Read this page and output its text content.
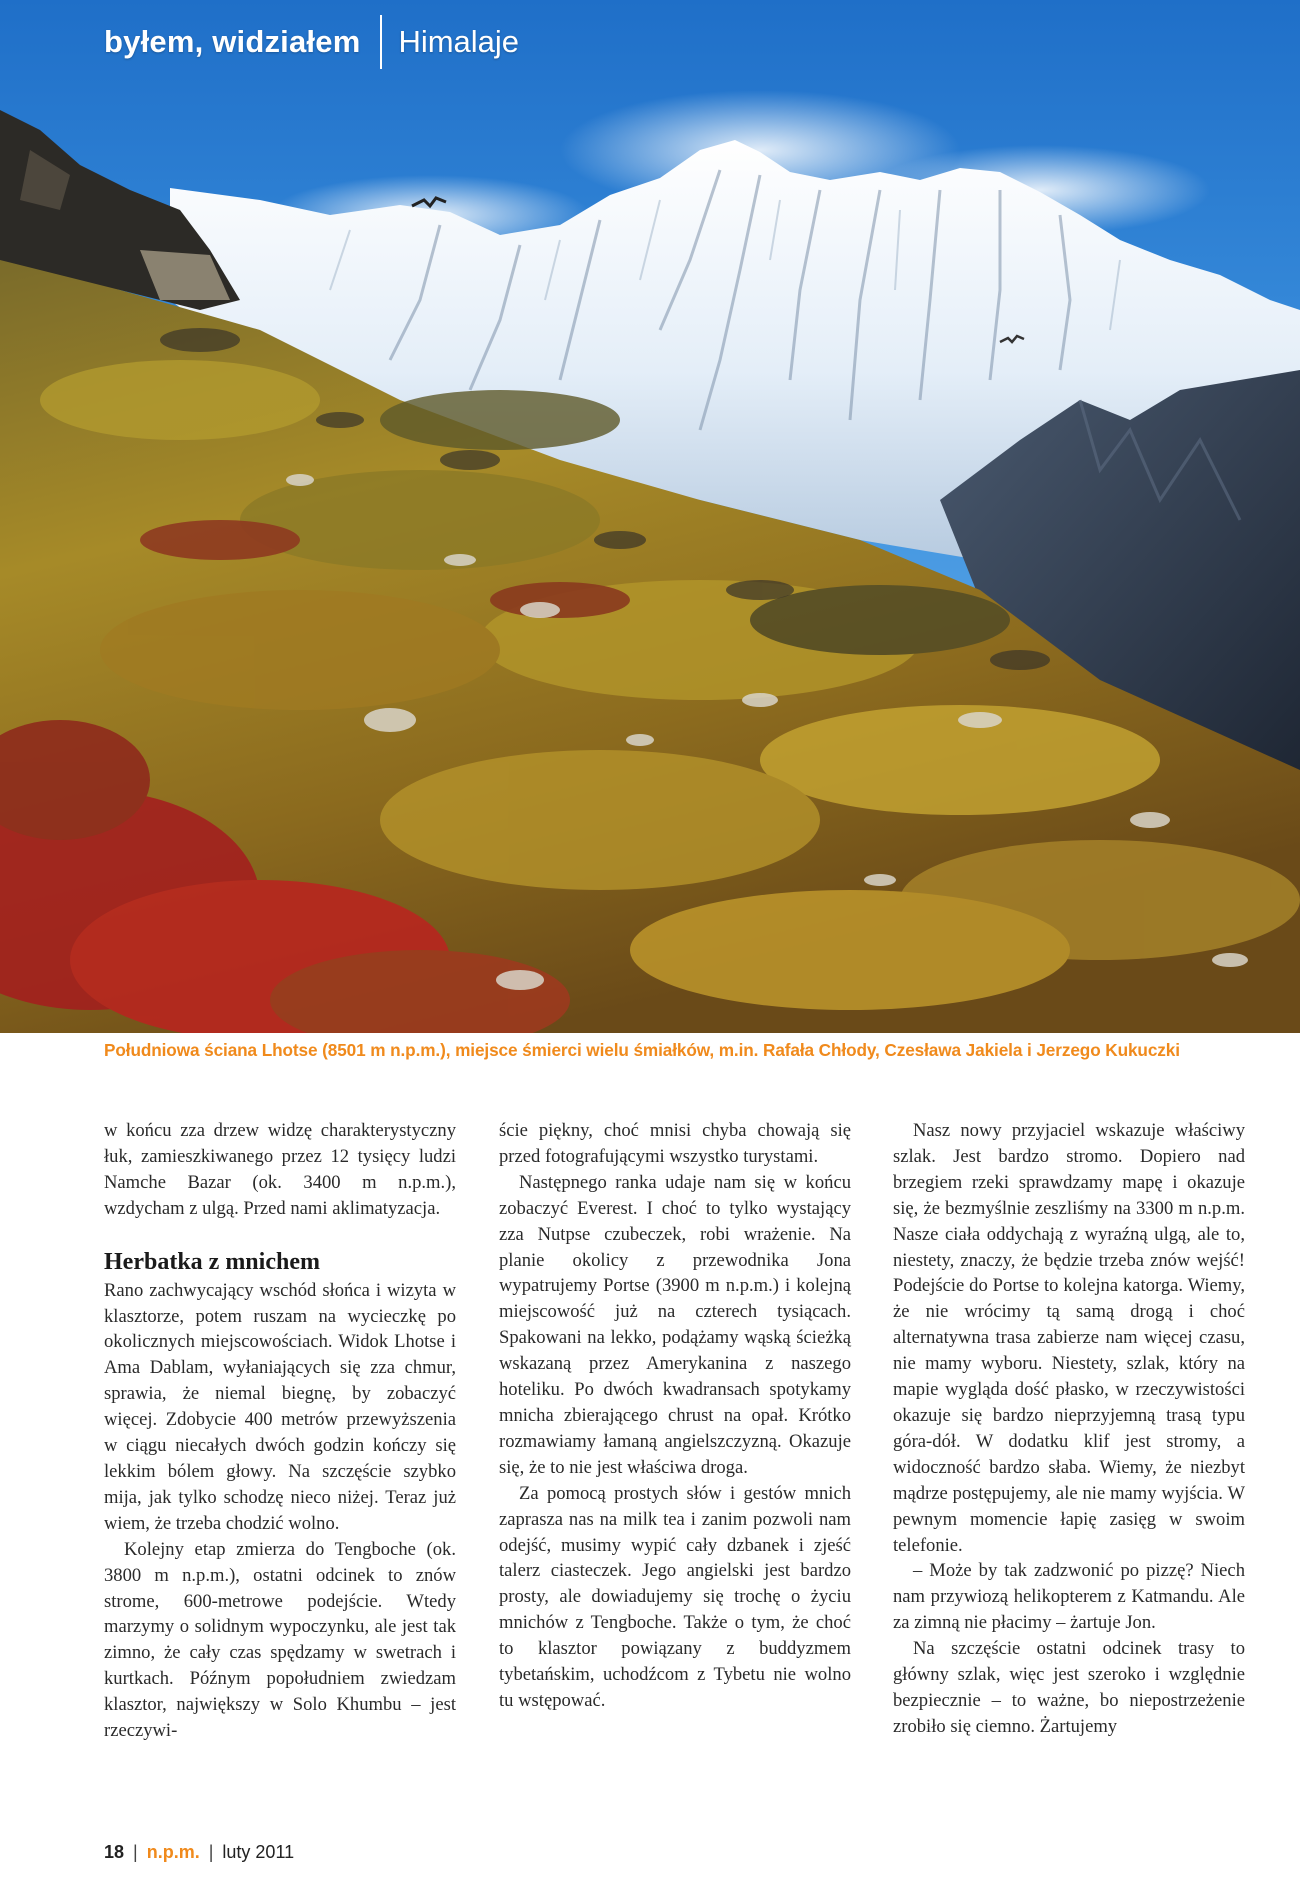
byłem, widziałem Himalaje
Południowa ściana Lhotse (8501 m n.p.m.), miejsce śmierci wielu śmiałków, m.in. Rafała Chłody, Czesława Jakiela i Jerzego Kukuczki

w końcu zza drzew widzę charakterystyczny łuk, zamieszkiwanego przez 12 tysięcy ludzi Namche Bazar (ok. 3400 m n.p.m.), wzdycham z ulgą. Przed nami aklimatyzacja.

Herbatka z mnichem

Rano zachwycający wschód słońca i wizyta w klasztorze, potem ruszam na wycieczkę po okolicznych miejscowościach. Widok Lhotse i Ama Dablam, wyłaniających się zza chmur, sprawia, że niemal biegnę, by zobaczyć więcej. Zdobycie 400 metrów przewyższenia w ciągu niecałych dwóch godzin kończy się lekkim bólem głowy. Na szczęście szybko mija, jak tylko schodzę nieco niżej. Teraz już wiem, że trzeba chodzić wolno.

Kolejny etap zmierza do Tengboche (ok. 3800 m n.p.m.), ostatni odcinek to znów strome, 600-metrowe podejście. Wtedy marzymy o solidnym wypoczynku, ale jest tak zimno, że cały czas spędzamy w swetrach i kurtkach. Późnym popołudniem zwiedzam klasztor, największy w Solo Khumbu – jest rzeczywi-

ście piękny, choć mnisi chyba chowają się przed fotografującymi wszystko turystami.

Następnego ranka udaje nam się w końcu zobaczyć Everest. I choć to tylko wystający zza Nutpse czubeczek, robi wrażenie. Na planie okolicy z przewodnika Jona wypatrujemy Portse (3900 m n.p.m.) i kolejną miejscowość już na czterech tysiącach. Spakowani na lekko, podążamy wąską ścieżką wskazaną przez Amerykanina z naszego hoteliku. Po dwóch kwadransach spotykamy mnicha zbierającego chrust na opał. Krótko rozmawiamy łamaną angielszczyzną. Okazuje się, że to nie jest właściwa droga.

Za pomocą prostych słów i gestów mnich zaprasza nas na milk tea i zanim pozwoli nam odejść, musimy wypić cały dzbanek i zjeść talerz ciasteczek. Jego angielski jest bardzo prosty, ale dowiadujemy się trochę o życiu mnichów z Tengboche. Także o tym, że choć to klasztor powiązany z buddyzmem tybetańskim, uchodźcom z Tybetu nie wolno tu wstępować.

Nasz nowy przyjaciel wskazuje właściwy szlak. Jest bardzo stromo. Dopiero nad brzegiem rzeki sprawdzamy mapę i okazuje się, że bezmyślnie zeszliśmy na 3300 m n.p.m. Nasze ciała oddychają z wyraźną ulgą, ale to, niestety, znaczy, że będzie trzeba znów wejść! Podejście do Portse to kolejna katorga. Wiemy, że nie wrócimy tą samą drogą i choć alternatywna trasa zabierze nam więcej czasu, nie mamy wyboru. Niestety, szlak, który na mapie wygląda dość płasko, w rzeczywistości okazuje się bardzo nieprzyjemną trasą typu góra-dół. W dodatku klif jest stromy, a widoczność bardzo słaba. Wiemy, że niezbyt mądrze postępujemy, ale nie mamy wyjścia. W pewnym momencie łapię zasięg w swoim telefonie.

– Może by tak zadzwonić po pizzę? Niech nam przywiozą helikopterem z Katmandu. Ale za zimną nie płacimy – żartuje Jon.

Na szczęście ostatni odcinek trasy to główny szlak, więc jest szeroko i względnie bezpiecznie – to ważne, bo niepostrzeżenie zrobiło się ciemno. Żartujemy

18 | n.p.m. | luty 2011
